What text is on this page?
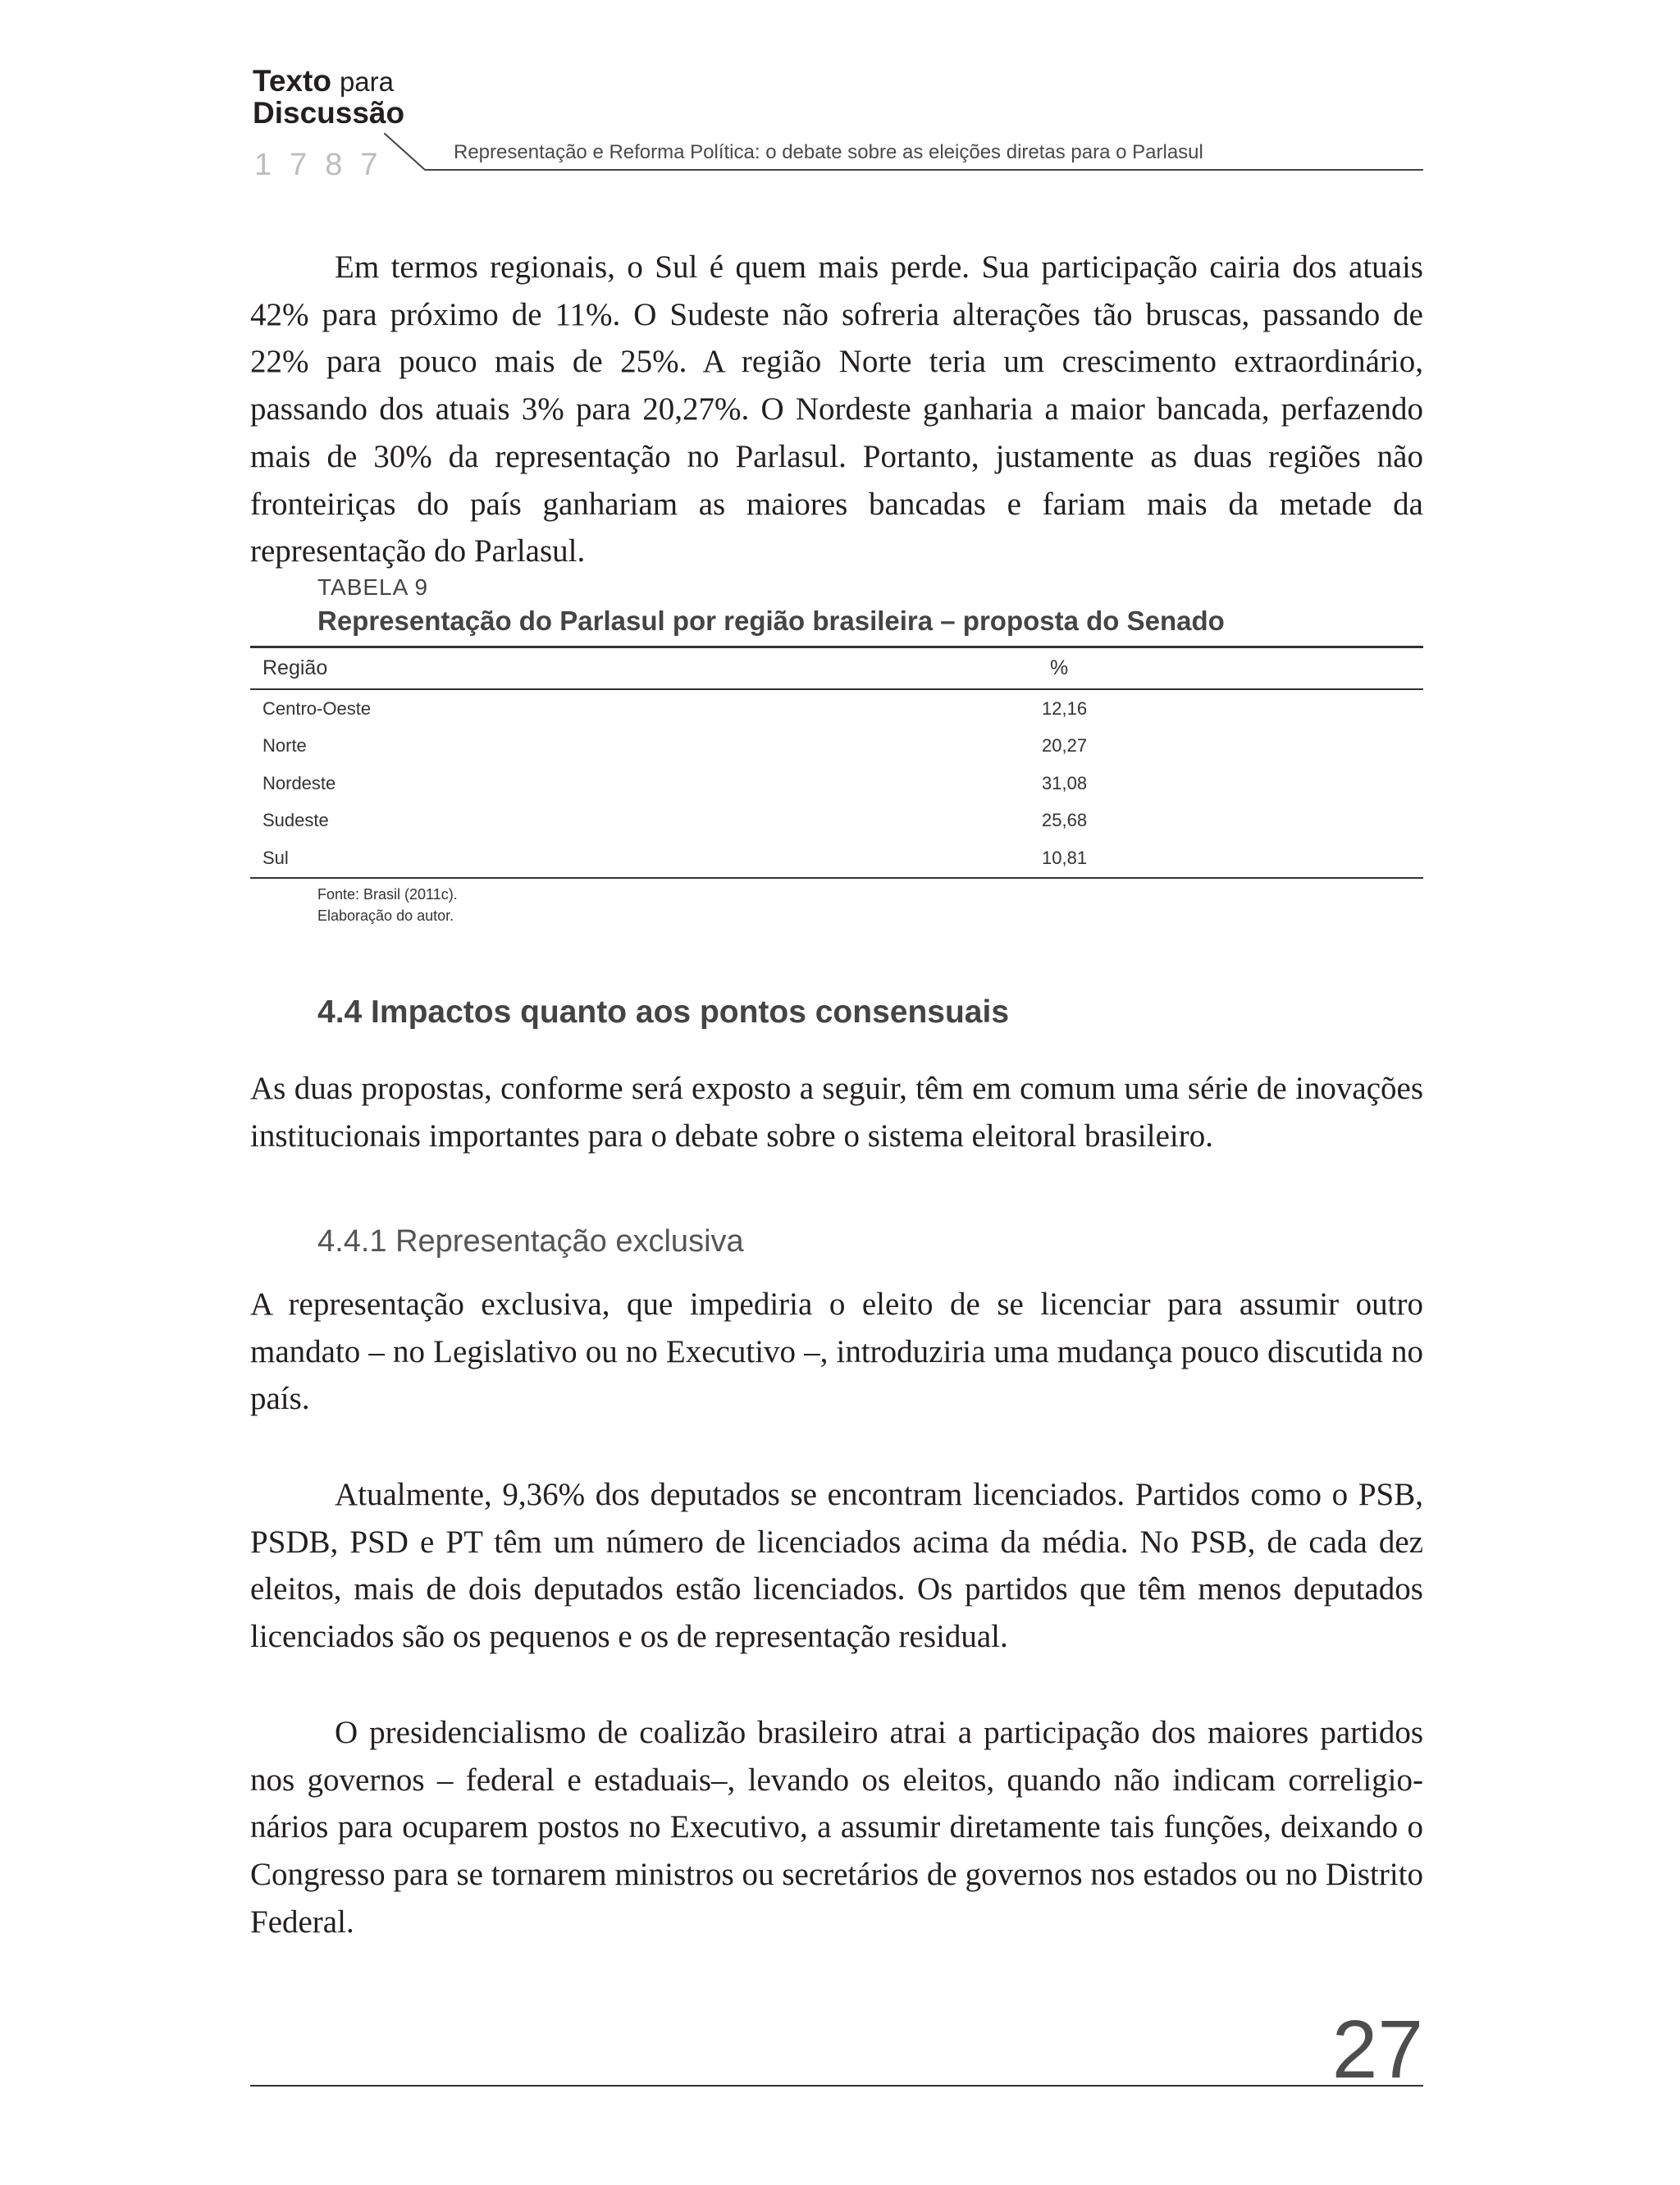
Texto para
Discussão
1787	Representação e Reforma Política: o debate sobre as eleições diretas para o Parlasul

Em termos regionais, o Sul é quem mais perde. Sua participação cairia dos atuais 42% para próximo de 11%. O Sudeste não sofreria alterações tão bruscas, passando de 22% para pouco mais de 25%. A região Norte teria um crescimento extraordinário, passando dos atuais 3% para 20,27%. O Nordeste ganharia a maior bancada, perfazendo mais de 30% da representação no Parlasul. Portanto, justamente as duas regiões não fronteiriças do país ganhariam as maiores bancadas e fariam mais da metade da representação do Parlasul.

TABELA 9
Representação do Parlasul por região brasileira – proposta do Senado
Região	%
Centro-Oeste	12,16
Norte	20,27
Nordeste	31,08
Sudeste	25,68
Sul	10,81
Fonte: Brasil (2011c).
Elaboração do autor.
4.4 Impactos quanto aos pontos consensuais

As duas propostas, conforme será exposto a seguir, têm em comum uma série de inovações institucionais importantes para o debate sobre o sistema eleitoral brasileiro.

4.4.1 Representação exclusiva

A representação exclusiva, que impediria o eleito de se licenciar para assumir outro mandato – no Legislativo ou no Executivo –, introduziria uma mudança pouco discutida no país.

Atualmente, 9,36% dos deputados se encontram licenciados. Partidos como o PSB, PSDB, PSD e PT têm um número de licenciados acima da média. No PSB, de cada dez eleitos, mais de dois deputados estão licenciados. Os partidos que têm menos deputados licenciados são os pequenos e os de representação residual.

O presidencialismo de coalizão brasileiro atrai a participação dos maiores partidos nos governos – federal e estaduais–, levando os eleitos, quando não indicam correligio-nários para ocuparem postos no Executivo, a assumir diretamente tais funções, deixando o Congresso para se tornarem ministros ou secretários de governos nos estados ou no Distrito Federal.

27
